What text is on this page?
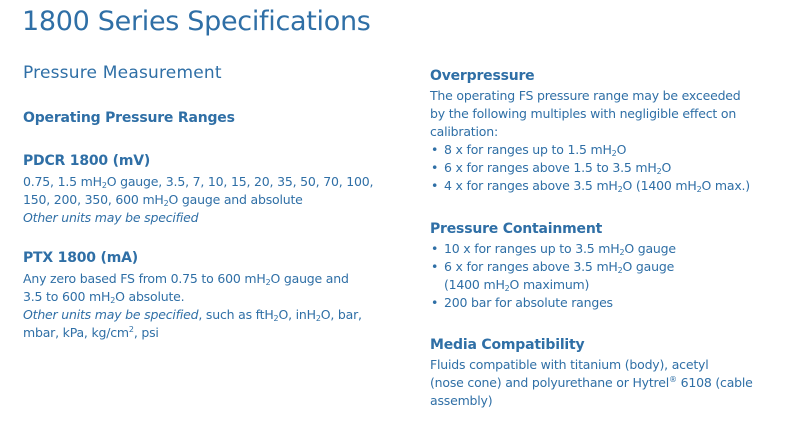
1800 Series Specifications
Pressure Measurement
Operating Pressure Ranges
PDCR 1800 (mV)
0.75, 1.5 $mH_2O$ gauge, 3.5, 7, 10, 15, 20, 35, 50, 70, 100,
150, 200, 350, 600 $mH_2O$ gauge and absolute
Other units may be specified
PTX 1800 (mA)
Any zero based FS from 0.75 to 600 $mH_2O$ gauge and
3.5 to 600 $mH_2O$ absolute.
Other units may be specified, such as ftH$_2$O, inH$_2$O, bar,
mbar, kPa, $kg/cm^2$, psi
Overpressure
The operating FS pressure range may be exceeded
by the following multiples with negligible effect on
calibration:
• 8 x for ranges up to 1.5 $mH_2O$
• 6 x for ranges above 1.5 to 3.5 $mH_2O$
• 4 x for ranges above 3.5 $mH_2O$ (1400 $mH_2O$ max.)
Pressure Containment
• 10 x for ranges up to 3.5 $mH_2O$ gauge
• 6 x for ranges above 3.5 $mH_2O$ gauge
(1400 $mH_2O$ maximum)
• 200 bar for absolute ranges
Media Compatibility
Fluids compatible with titanium (body), acetyl
(nose cone) and polyurethane or Hytrel® 6108 (cable
assembly)
